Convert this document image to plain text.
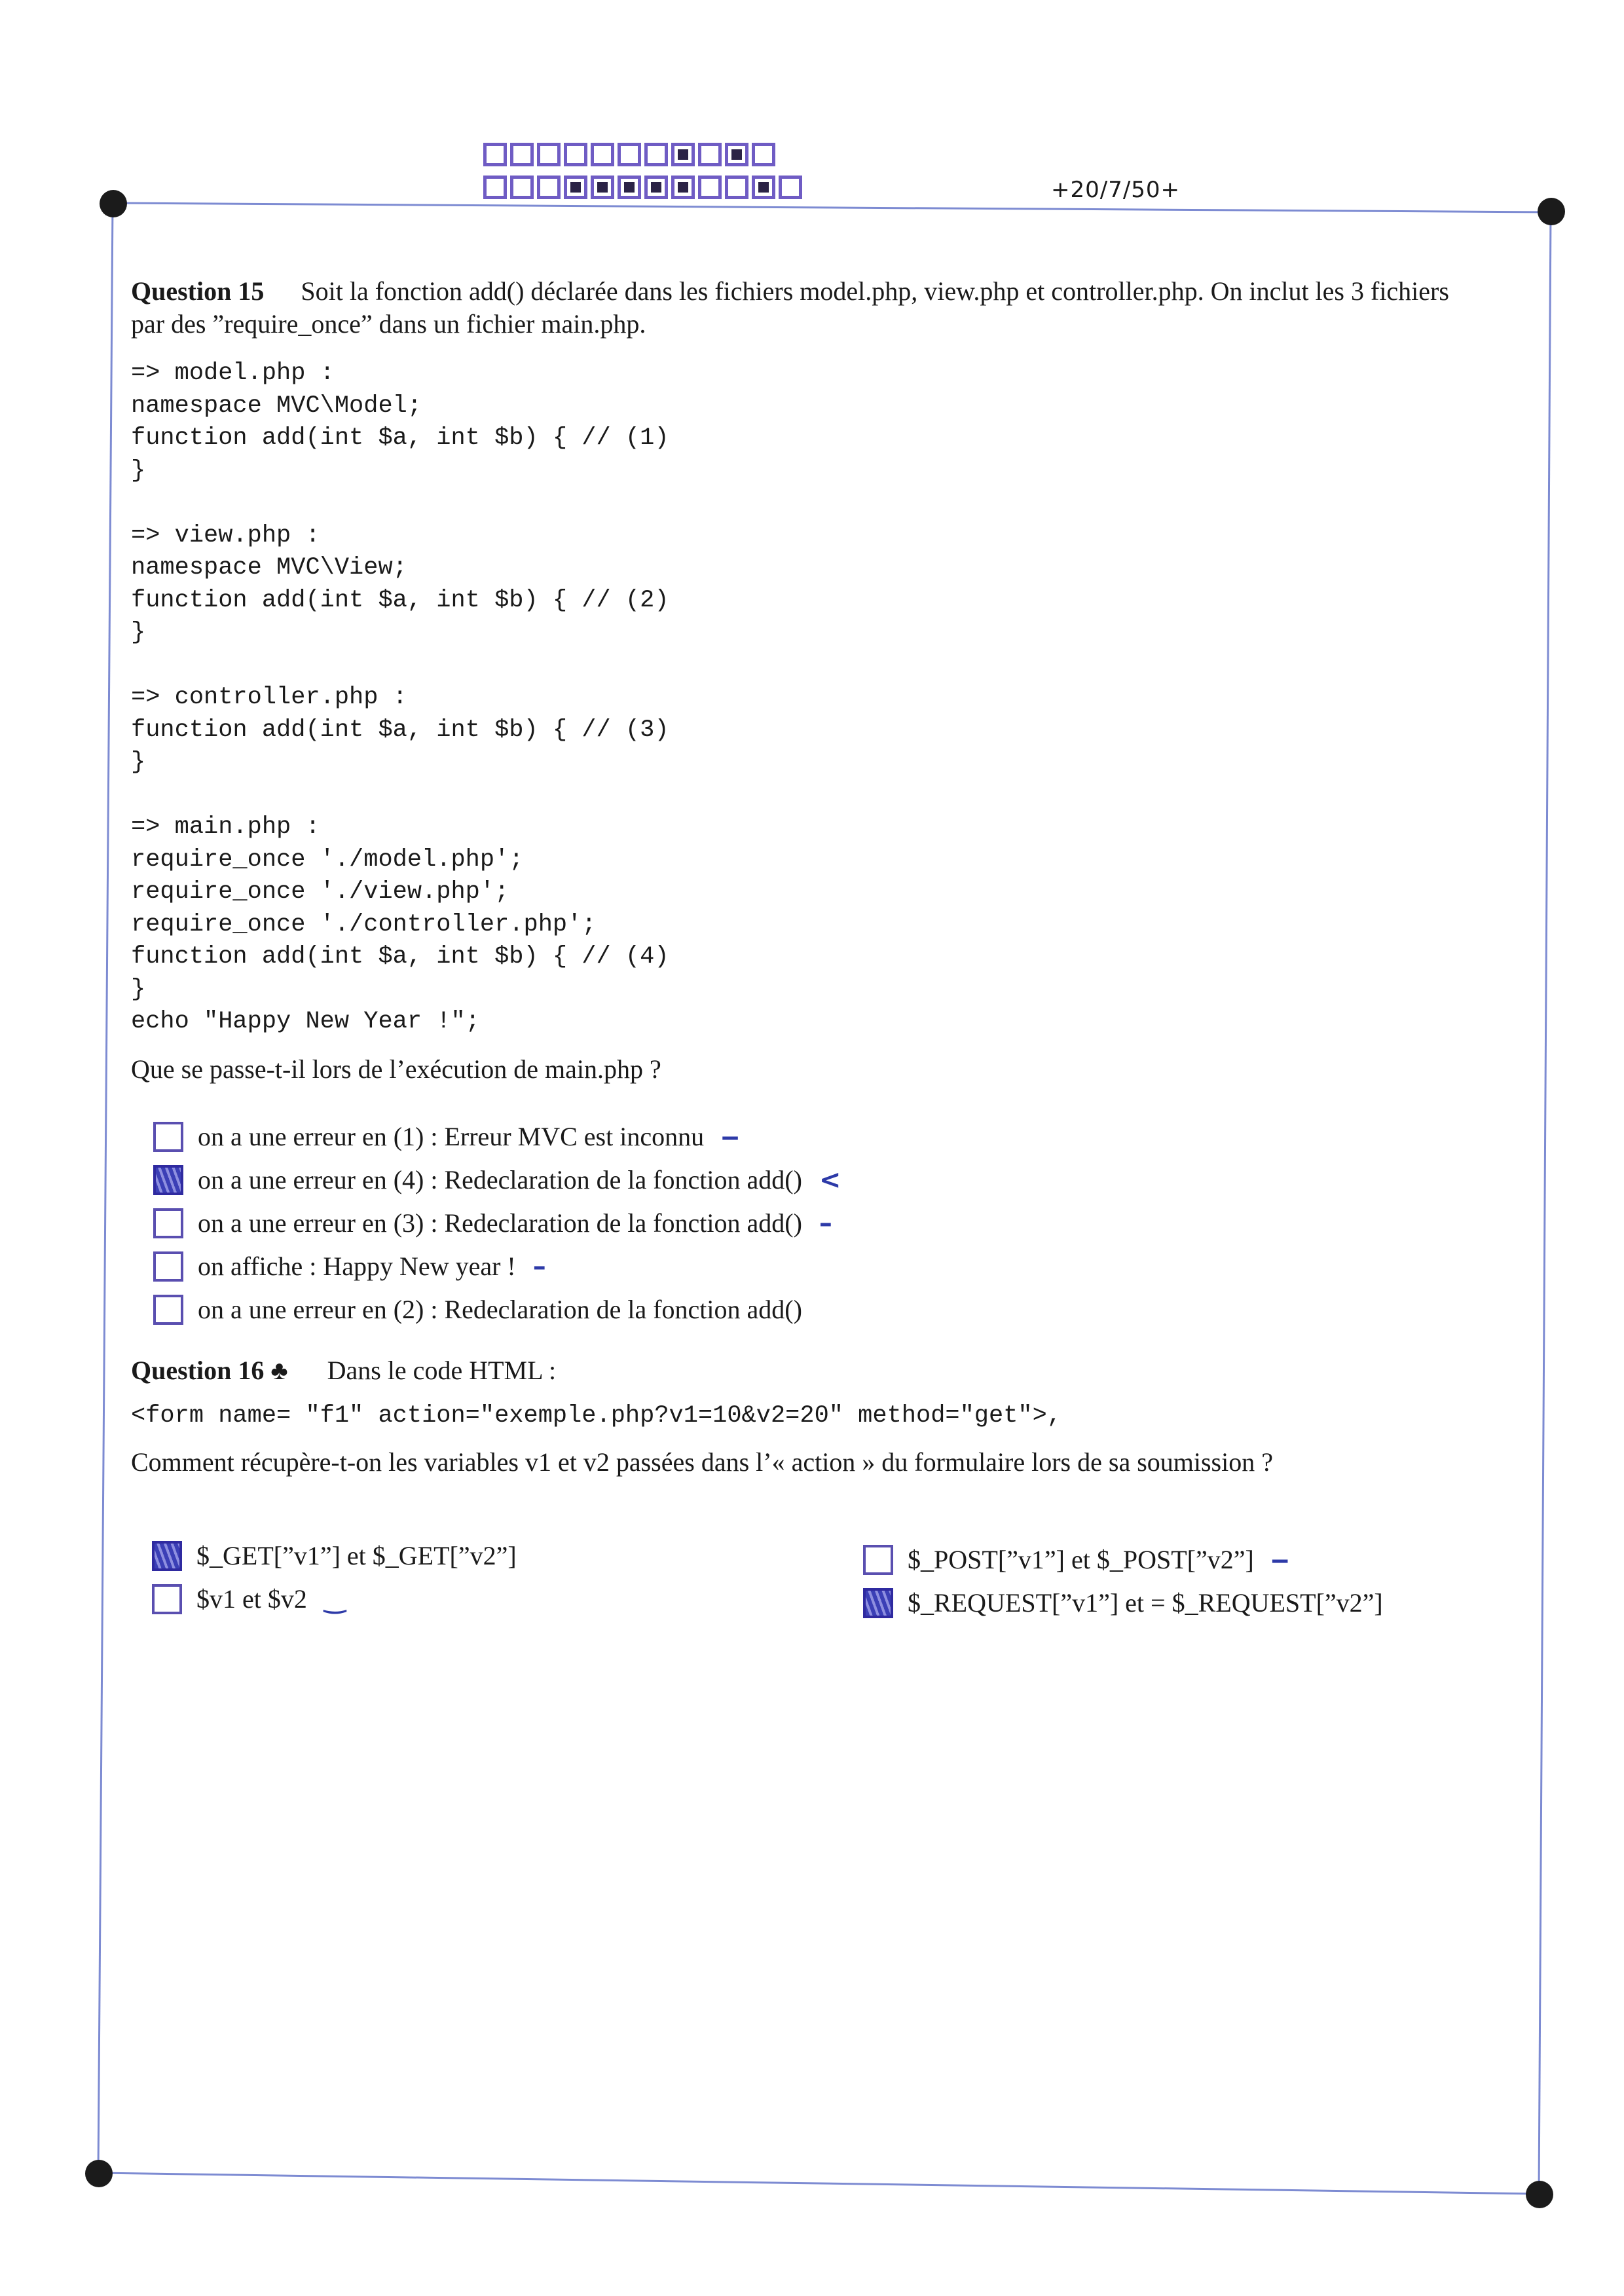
+20/7/50+

Question 15 Soit la fonction add() déclarée dans les fichiers model.php, view.php et controller.php. On inclut les 3 fichiers
par des ”require_once” dans un fichier main.php.

=> model.php :
namespace MVC\Model;
function add(int $a, int $b) { // (1)
}

=> view.php :
namespace MVC\View;
function add(int $a, int $b) { // (2)
}

=> controller.php :
function add(int $a, int $b) { // (3)
}

=> main.php :
require_once './model.php';
require_once './view.php';
require_once './controller.php';
function add(int $a, int $b) { // (4)
}
echo "Happy New Year !";

Que se passe-t-il lors de l’exécution de main.php ?

on a une erreur en (1) : Erreur MVC est inconnu ‒
on a une erreur en (4) : Redeclaration de la fonction add() <
on a une erreur en (3) : Redeclaration de la fonction add() –
on affiche : Happy New year ! –
on a une erreur en (2) : Redeclaration de la fonction add()

Question 16 ♣ Dans le code HTML :

<form name= "f1" action="exemple.php?v1=10&v2=20" method="get">,

Comment récupère-t-on les variables v1 et v2 passées dans l’« action » du formulaire lors de sa soumission ?

$_GET[”v1”] et $_GET[”v2”]
$v1 et $v2 ‿
$_POST[”v1”] et $_POST[”v2”] ‒
$_REQUEST[”v1”] et = $_REQUEST[”v2”]
